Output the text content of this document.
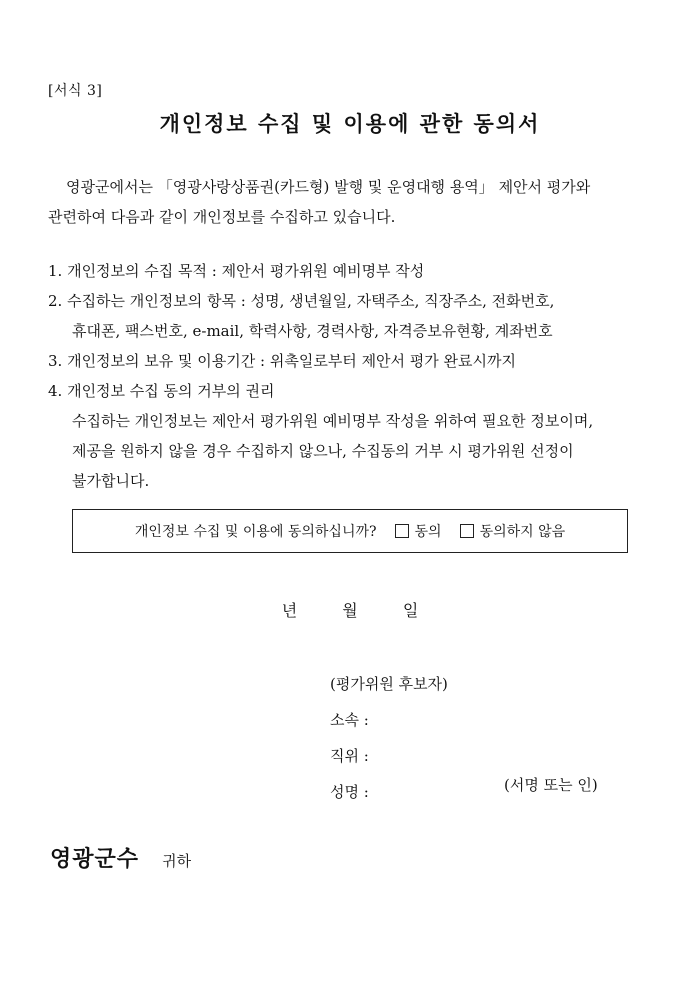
[서식 3]
개인정보 수집 및 이용에 관한 동의서
영광군에서는 「영광사랑상품권(카드형) 발행 및 운영대행 용역」 제안서 평가와
관련하여 다음과 같이 개인정보를 수집하고 있습니다.
1. 개인정보의 수집 목적 : 제안서 평가위원 예비명부 작성
2. 수집하는 개인정보의 항목 : 성명, 생년월일, 자택주소, 직장주소, 전화번호,
휴대폰, 팩스번호, e-mail, 학력사항, 경력사항, 자격증보유현황, 계좌번호
3. 개인정보의 보유 및 이용기간 : 위촉일로부터 제안서 평가 완료시까지
4. 개인정보 수집 동의 거부의 권리
수집하는 개인정보는 제안서 평가위원 예비명부 작성을 위하여 필요한 정보이며,
제공을 원하지 않을 경우 수집하지 않으나, 수집동의 거부 시 평가위원 선정이
불가합니다.
개인정보 수집 및 이용에 동의하십니까?	동의	동의하지 않음
년	월	일
(평가위원 후보자)
소속 :
직위 :
성명 :	(서명 또는 인)
영광군수 귀하
